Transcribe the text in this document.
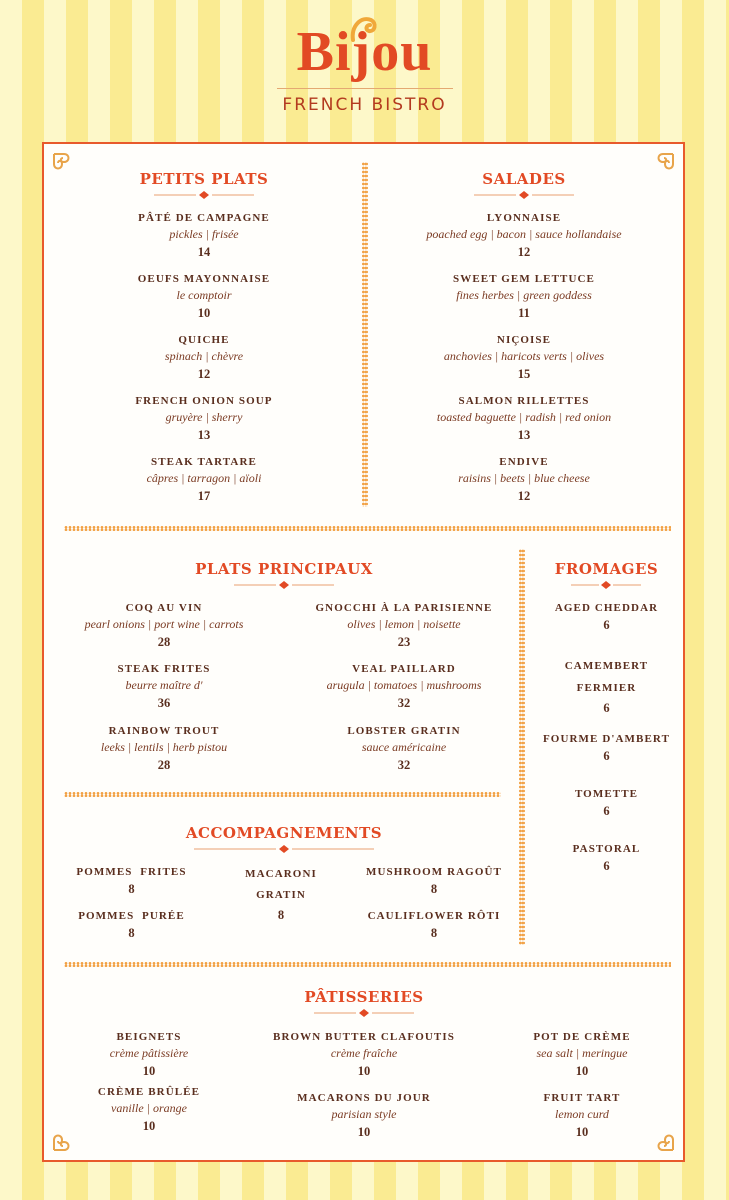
Bijou
FRENCH BISTRO
PETITS PLATS
PÂTÉ DE CAMPAGNE
pickles | frisée
14
OEUFS MAYONNAISE
le comptoir
10
QUICHE
spinach | chèvre
12
FRENCH ONION SOUP
gruyère | sherry
13
STEAK TARTARE
câpres | tarragon | aïoli
17
SALADES
LYONNAISE
poached egg | bacon | sauce hollandaise
12
SWEET GEM LETTUCE
fines herbes | green goddess
11
NIÇOISE
anchovies | haricots verts | olives
15
SALMON RILLETTES
toasted baguette | radish | red onion
13
ENDIVE
raisins | beets | blue cheese
12
PLATS PRINCIPAUX
COQ AU VIN
pearl onions | port wine | carrots
28
GNOCCHI À LA PARISIENNE
olives | lemon | noisette
23
STEAK FRITES
beurre maître d'
36
VEAL PAILLARD
arugula | tomatoes | mushrooms
32
RAINBOW TROUT
leeks | lentils | herb pistou
28
LOBSTER GRATIN
sauce américaine
32
FROMAGES
AGED CHEDDAR
6
CAMEMBERT
FERMIER
6
FOURME D'AMBERT
6
TOMETTE
6
PASTORAL
6
ACCOMPAGNEMENTS
POMMES  FRITES
8
MACARONI
GRATIN
8
MUSHROOM RAGOÛT
8
POMMES  PURÉE
8
CAULIFLOWER RÔTI
8
PÂTISSERIES
BEIGNETS
crème pâtissière
10
BROWN BUTTER CLAFOUTIS
crème fraîche
10
POT DE CRÈME
sea salt | meringue
10
CRÈME BRÛLÉE
vanille | orange
10
MACARONS DU JOUR
parisian style
10
FRUIT TART
lemon curd
10
